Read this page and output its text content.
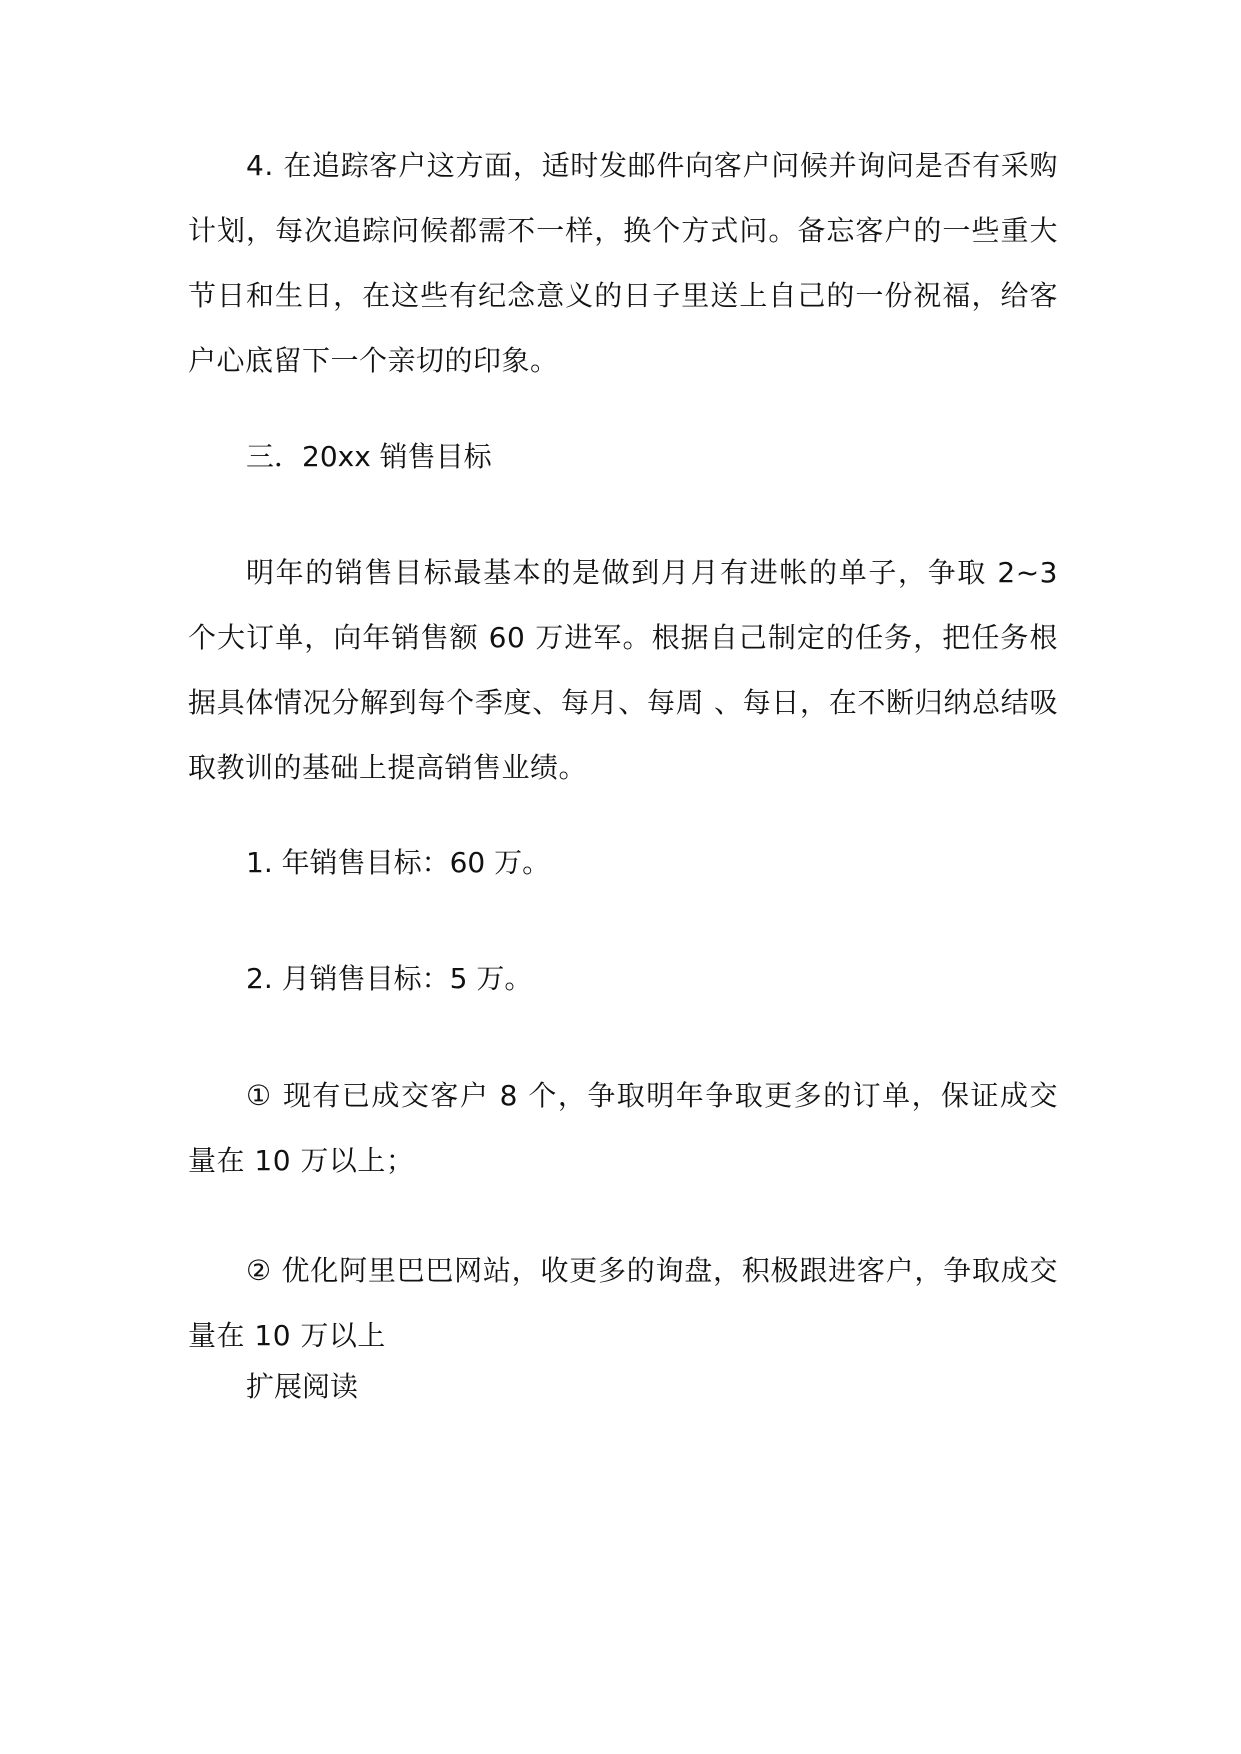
4. 在追踪客户这方面，适时发邮件向客户问候并询问是否有采购计划，每次追踪问候都需不一样，换个方式问。备忘客户的一些重大节日和生日，在这些有纪念意义的日子里送上自己的一份祝福，给客户心底留下一个亲切的印象。
三．20xx 销售目标
明年的销售目标最基本的是做到月月有进帐的单子，争取 2~3 个大订单，向年销售额 60 万进军。根据自己制定的任务，把任务根据具体情况分解到每个季度、每月、每周 、每日，在不断归纳总结吸取教训的基础上提高销售业绩。
1. 年销售目标：60 万。
2. 月销售目标：5 万。
① 现有已成交客户 8 个，争取明年争取更多的订单，保证成交量在 10 万以上；
② 优化阿里巴巴网站，收更多的询盘，积极跟进客户，争取成交量在 10 万以上
扩展阅读
